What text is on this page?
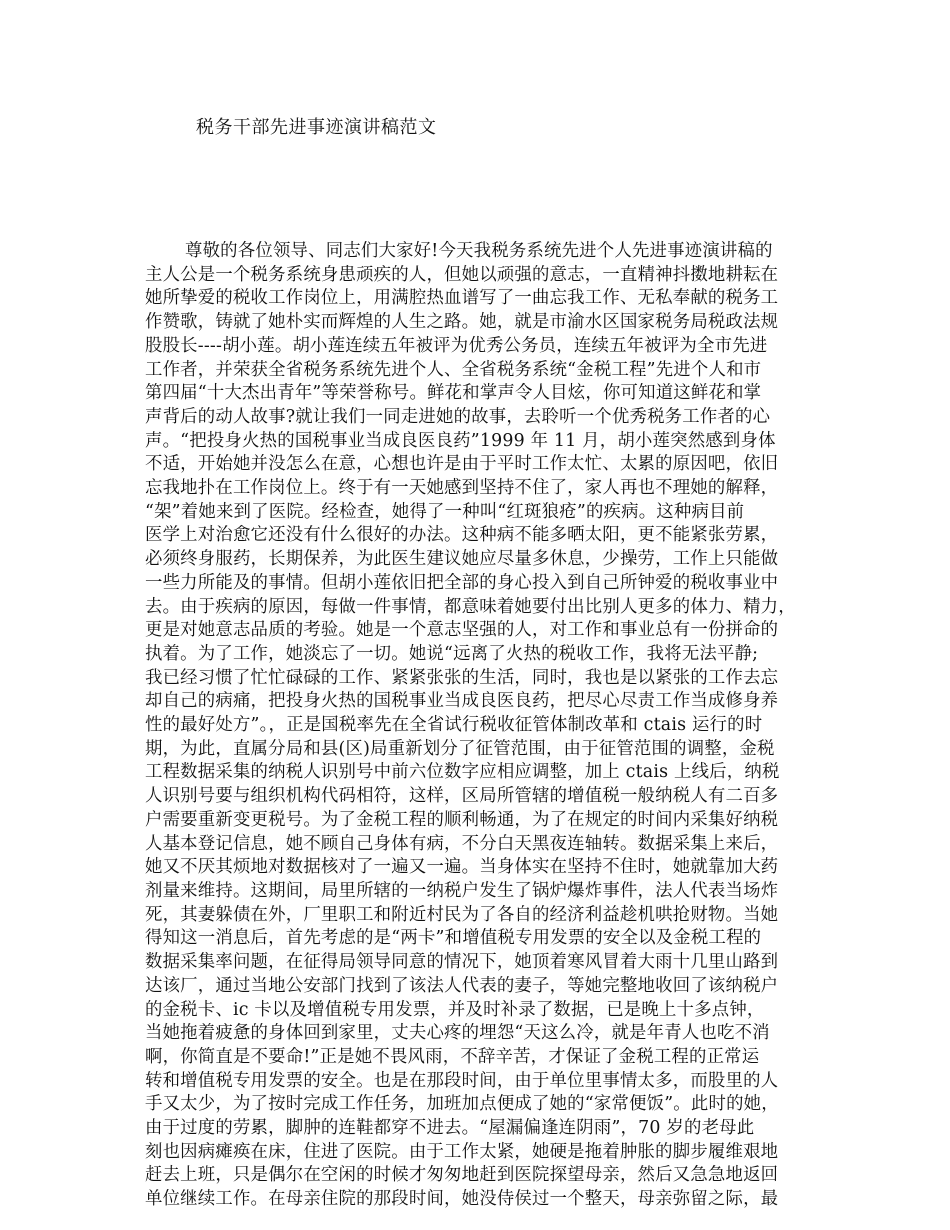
税务干部先进事迹演讲稿范文
尊敬的各位领导、同志们大家好!今天我税务系统先进个人先进事迹演讲稿的
主人公是一个税务系统身患顽疾的人，但她以顽强的意志，一直精神抖擞地耕耘在
她所挚爱的税收工作岗位上，用满腔热血谱写了一曲忘我工作、无私奉献的税务工
作赞歌，铸就了她朴实而辉煌的人生之路。她，就是市渝水区国家税务局税政法规
股股长----胡小莲。胡小莲连续五年被评为优秀公务员，连续五年被评为全市先进
工作者，并荣获全省税务系统先进个人、全省税务系统“金税工程”先进个人和市
第四届“十大杰出青年”等荣誉称号。鲜花和掌声令人目炫，你可知道这鲜花和掌
声背后的动人故事?就让我们一同走进她的故事，去聆听一个优秀税务工作者的心
声。“把投身火热的国税事业当成良医良药”1999 年 11 月，胡小莲突然感到身体
不适，开始她并没怎么在意，心想也许是由于平时工作太忙、太累的原因吧，依旧
忘我地扑在工作岗位上。终于有一天她感到坚持不住了，家人再也不理她的解释，
“架”着她来到了医院。经检查，她得了一种叫“红斑狼疮”的疾病。这种病目前
医学上对治愈它还没有什么很好的办法。这种病不能多晒太阳，更不能紧张劳累，
必须终身服药，长期保养，为此医生建议她应尽量多休息，少操劳，工作上只能做
一些力所能及的事情。但胡小莲依旧把全部的身心投入到自己所钟爱的税收事业中
去。由于疾病的原因，每做一件事情，都意味着她要付出比别人更多的体力、精力，
更是对她意志品质的考验。她是一个意志坚强的人，对工作和事业总有一份拼命的
执着。为了工作，她淡忘了一切。她说“远离了火热的税收工作，我将无法平静;
我已经习惯了忙忙碌碌的工作、紧紧张张的生活，同时，我也是以紧张的工作去忘
却自己的病痛，把投身火热的国税事业当成良医良药，把尽心尽责工作当成修身养
性的最好处方”。，正是国税率先在全省试行税收征管体制改革和 ctais 运行的时
期，为此，直属分局和县(区)局重新划分了征管范围，由于征管范围的调整，金税
工程数据采集的纳税人识别号中前六位数字应相应调整，加上 ctais 上线后，纳税
人识别号要与组织机构代码相符，这样，区局所管辖的增值税一般纳税人有二百多
户需要重新变更税号。为了金税工程的顺利畅通，为了在规定的时间内采集好纳税
人基本登记信息，她不顾自己身体有病，不分白天黑夜连轴转。数据采集上来后，
她又不厌其烦地对数据核对了一遍又一遍。当身体实在坚持不住时，她就靠加大药
剂量来维持。这期间，局里所辖的一纳税户发生了锅炉爆炸事件，法人代表当场炸
死，其妻躲债在外，厂里职工和附近村民为了各自的经济利益趁机哄抢财物。当她
得知这一消息后，首先考虑的是“两卡”和增值税专用发票的安全以及金税工程的
数据采集率问题，在征得局领导同意的情况下，她顶着寒风冒着大雨十几里山路到
达该厂，通过当地公安部门找到了该法人代表的妻子，等她完整地收回了该纳税户
的金税卡、ic 卡以及增值税专用发票，并及时补录了数据，已是晚上十多点钟，
当她拖着疲惫的身体回到家里，丈夫心疼的埋怨“天这么冷，就是年青人也吃不消
啊，你简直是不要命!”正是她不畏风雨，不辞辛苦，才保证了金税工程的正常运
转和增值税专用发票的安全。也是在那段时间，由于单位里事情太多，而股里的人
手又太少，为了按时完成工作任务，加班加点便成了她的“家常便饭”。此时的她，
由于过度的劳累，脚肿的连鞋都穿不进去。“屋漏偏逢连阴雨”，70 岁的老母此
刻也因病瘫痪在床，住进了医院。由于工作太紧，她硬是拖着肿胀的脚步履维艰地
赶去上班，只是偶尔在空闲的时候才匆匆地赶到医院探望母亲，然后又急急地返回
单位继续工作。在母亲住院的那段时间，她没侍侯过一个整天，母亲弥留之际，最
